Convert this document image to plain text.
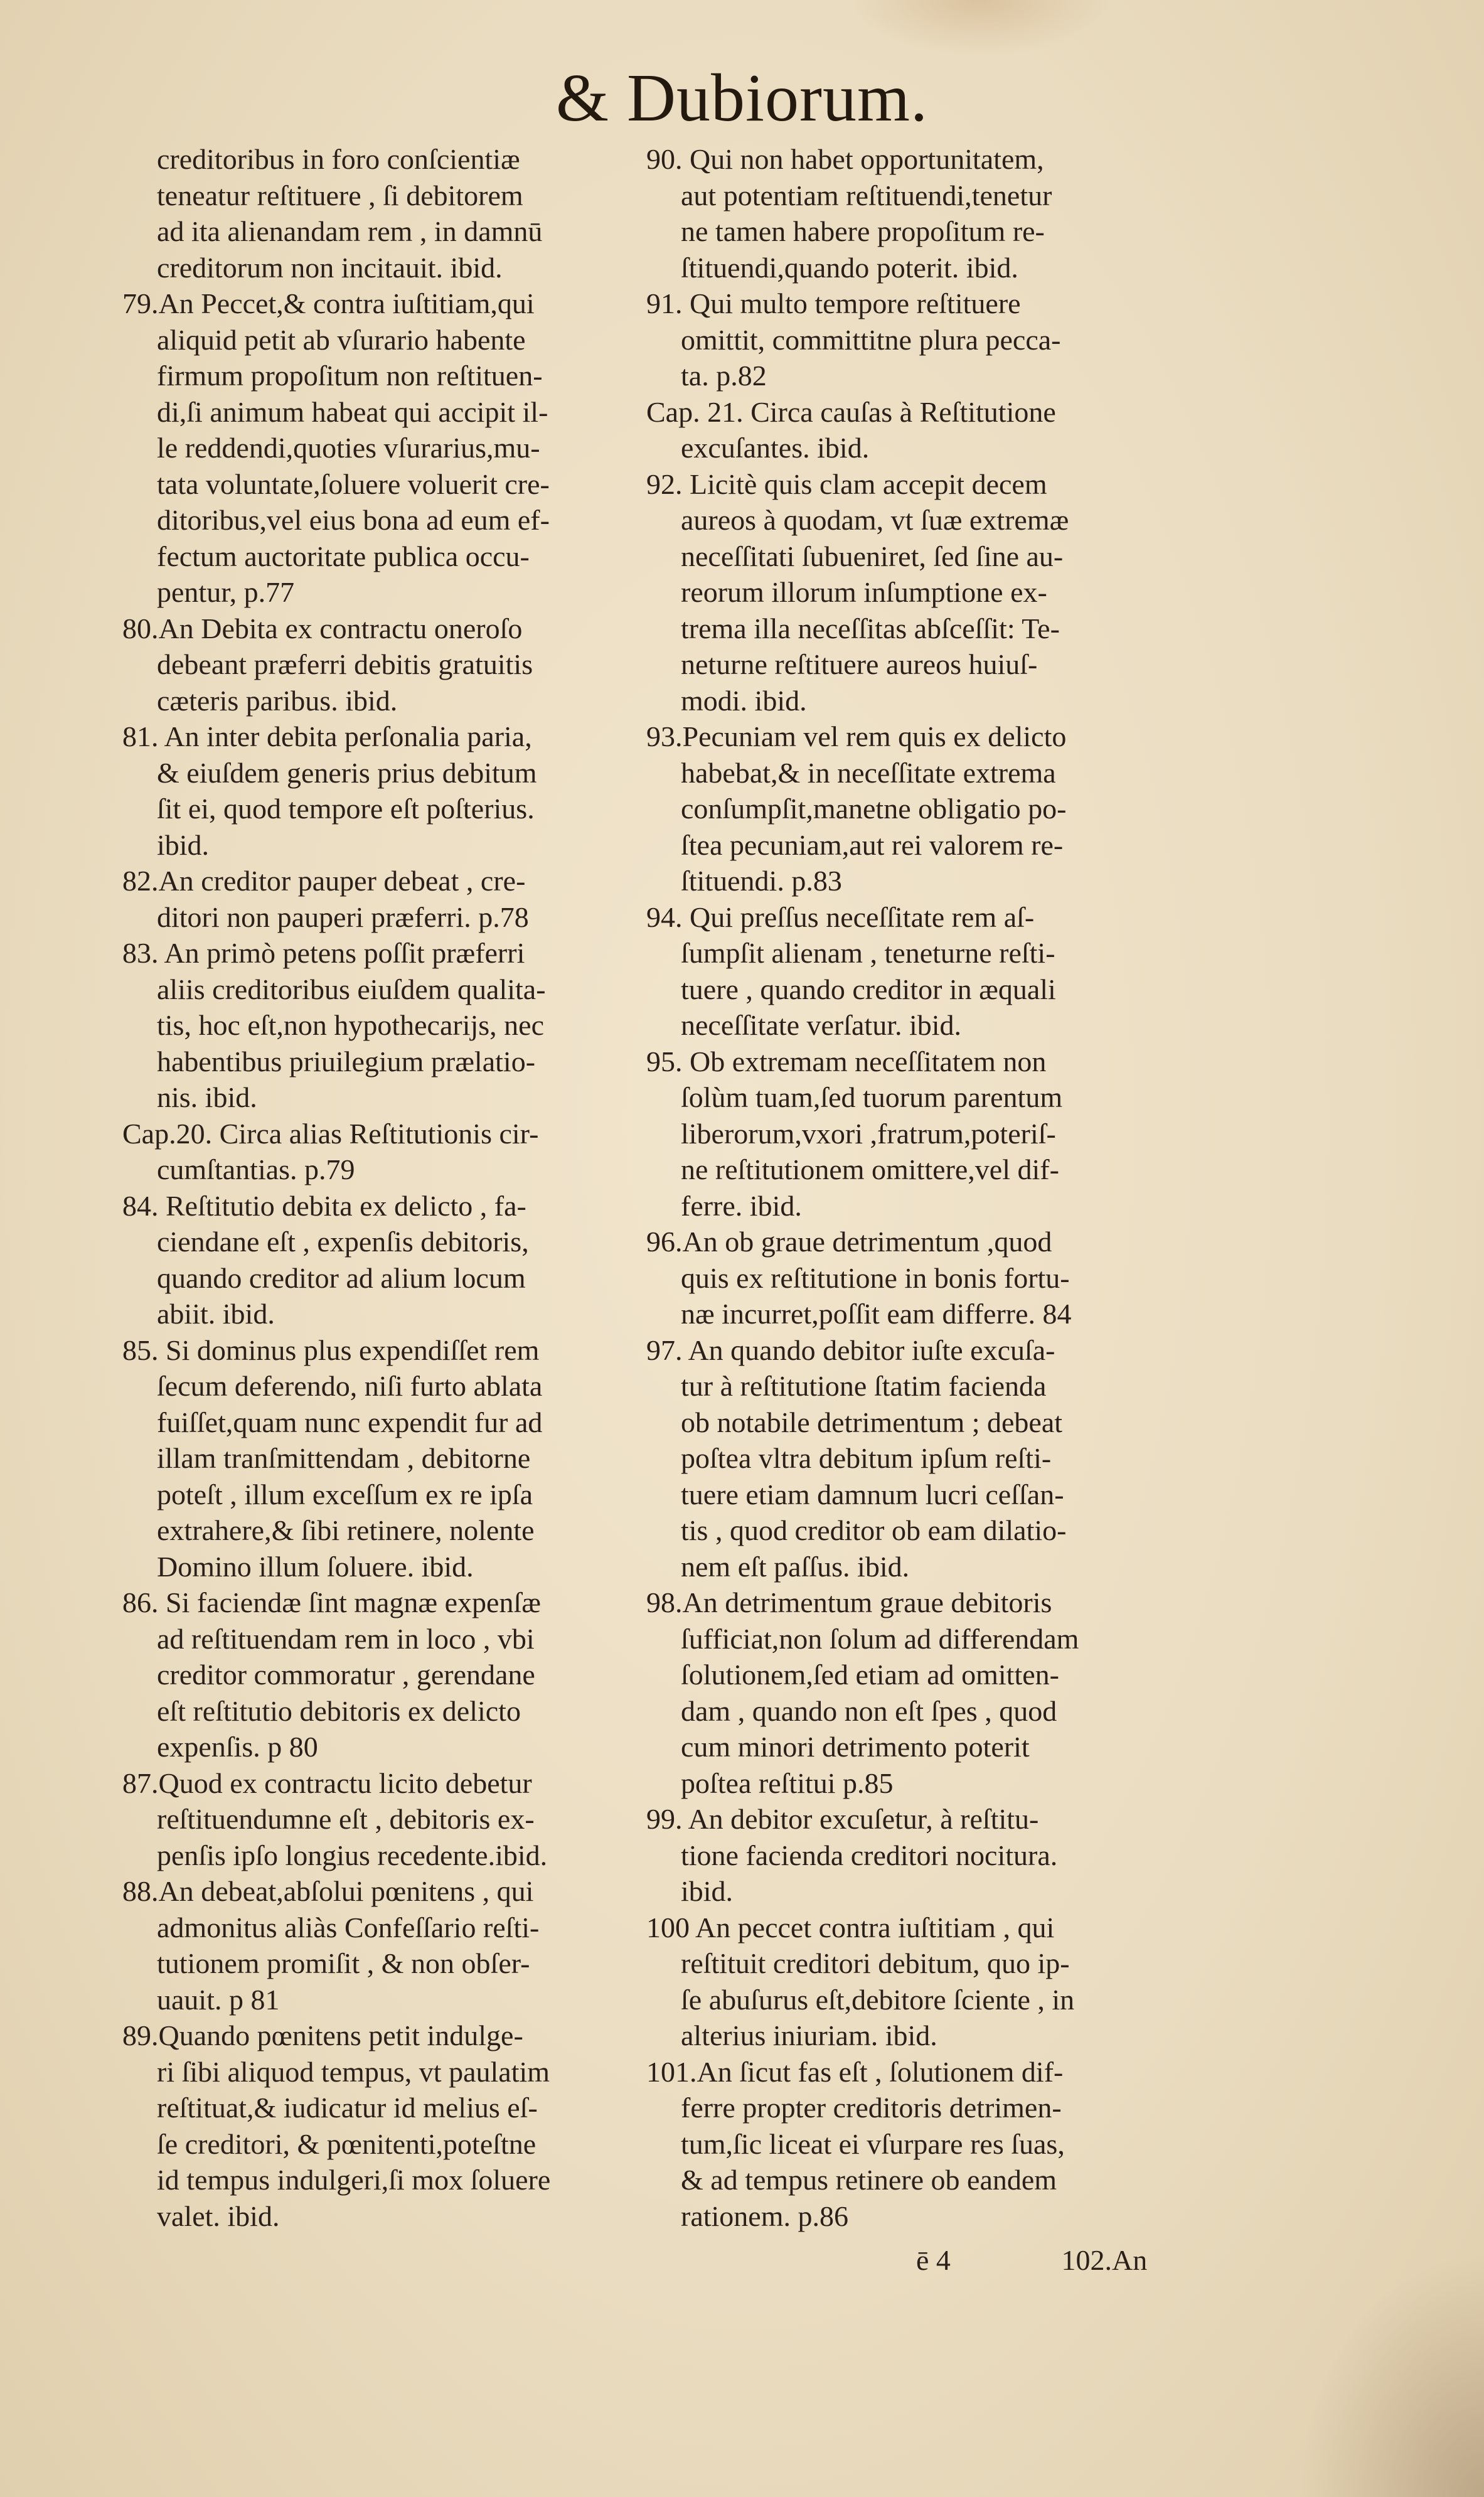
& Dubiorum.
creditoribus in foro conſcientiæ
teneatur reſtituere , ſi debitorem
ad ita alienandam rem , in damnū
creditorum non incitauit. ibid.
79.An Peccet,& contra iuſtitiam,qui
aliquid petit ab vſurario habente
firmum propoſitum non reſtituen-
di,ſi animum habeat qui accipit il-
le reddendi,quoties vſurarius,mu-
tata voluntate,ſoluere voluerit cre-
ditoribus,vel eius bona ad eum ef-
fectum auctoritate publica occu-
pentur, p.77
80.An Debita ex contractu oneroſo
debeant præferri debitis gratuitis
cæteris paribus. ibid.
81. An inter debita perſonalia paria,
& eiuſdem generis prius debitum
ſit ei, quod tempore eſt poſterius.
ibid.
82.An creditor pauper debeat , cre-
ditori non pauperi præferri. p.78
83. An primò petens poſſit præferri
aliis creditoribus eiuſdem qualita-
tis, hoc eſt,non hypothecarijs, nec
habentibus priuilegium prælatio-
nis. ibid.
Cap.20. Circa alias Reſtitutionis cir-
cumſtantias. p.79
84. Reſtitutio debita ex delicto , fa-
ciendane eſt , expenſis debitoris,
quando creditor ad alium locum
abiit. ibid.
85. Si dominus plus expendiſſet rem
ſecum deferendo, niſi furto ablata
fuiſſet,quam nunc expendit fur ad
illam tranſmittendam , debitorne
poteſt , illum exceſſum ex re ipſa
extrahere,& ſibi retinere, nolente
Domino illum ſoluere. ibid.
86. Si faciendæ ſint magnæ expenſæ
ad reſtituendam rem in loco , vbi
creditor commoratur , gerendane
eſt reſtitutio debitoris ex delicto
expenſis. p 80
87.Quod ex contractu licito debetur
reſtituendumne eſt , debitoris ex-
penſis ipſo longius recedente.ibid.
88.An debeat,abſolui pœnitens , qui
admonitus aliàs Confeſſario reſti-
tutionem promiſit , & non obſer-
uauit. p 81
89.Quando pœnitens petit indulge-
ri ſibi aliquod tempus, vt paulatim
reſtituat,& iudicatur id melius eſ-
ſe creditori, & pœnitenti,poteſtne
id tempus indulgeri,ſi mox ſoluere
valet. ibid.
90. Qui non habet opportunitatem,
aut potentiam reſtituendi,tenetur
ne tamen habere propoſitum re-
ſtituendi,quando poterit. ibid.
91. Qui multo tempore reſtituere
omittit, committitne plura pecca-
ta. p.82
Cap. 21. Circa cauſas à Reſtitutione
excuſantes. ibid.
92. Licitè quis clam accepit decem
aureos à quodam, vt ſuæ extremæ
neceſſitati ſubueniret, ſed ſine au-
reorum illorum inſumptione ex-
trema illa neceſſitas abſceſſit: Te-
neturne reſtituere aureos huiuſ-
modi. ibid.
93.Pecuniam vel rem quis ex delicto
habebat,& in neceſſitate extrema
conſumpſit,manetne obligatio po-
ſtea pecuniam,aut rei valorem re-
ſtituendi. p.83
94. Qui preſſus neceſſitate rem aſ-
ſumpſit alienam , teneturne reſti-
tuere , quando creditor in æquali
neceſſitate verſatur. ibid.
95. Ob extremam neceſſitatem non
ſolùm tuam,ſed tuorum parentum
liberorum,vxori ,fratrum,poteriſ-
ne reſtitutionem omittere,vel dif-
ferre. ibid.
96.An ob graue detrimentum ,quod
quis ex reſtitutione in bonis fortu-
næ incurret,poſſit eam differre. 84
97. An quando debitor iuſte excuſa-
tur à reſtitutione ſtatim facienda
ob notabile detrimentum ; debeat
poſtea vltra debitum ipſum reſti-
tuere etiam damnum lucri ceſſan-
tis , quod creditor ob eam dilatio-
nem eſt paſſus. ibid.
98.An detrimentum graue debitoris
ſufficiat,non ſolum ad differendam
ſolutionem,ſed etiam ad omitten-
dam , quando non eſt ſpes , quod
cum minori detrimento poterit
poſtea reſtitui p.85
99. An debitor excuſetur, à reſtitu-
tione facienda creditori nocitura.
ibid.
100 An peccet contra iuſtitiam , qui
reſtituit creditori debitum, quo ip-
ſe abuſurus eſt,debitore ſciente , in
alterius iniuriam. ibid.
101.An ſicut fas eſt , ſolutionem dif-
ferre propter creditoris detrimen-
tum,ſic liceat ei vſurpare res ſuas,
& ad tempus retinere ob eandem
rationem. p.86
ē 4	102.An
